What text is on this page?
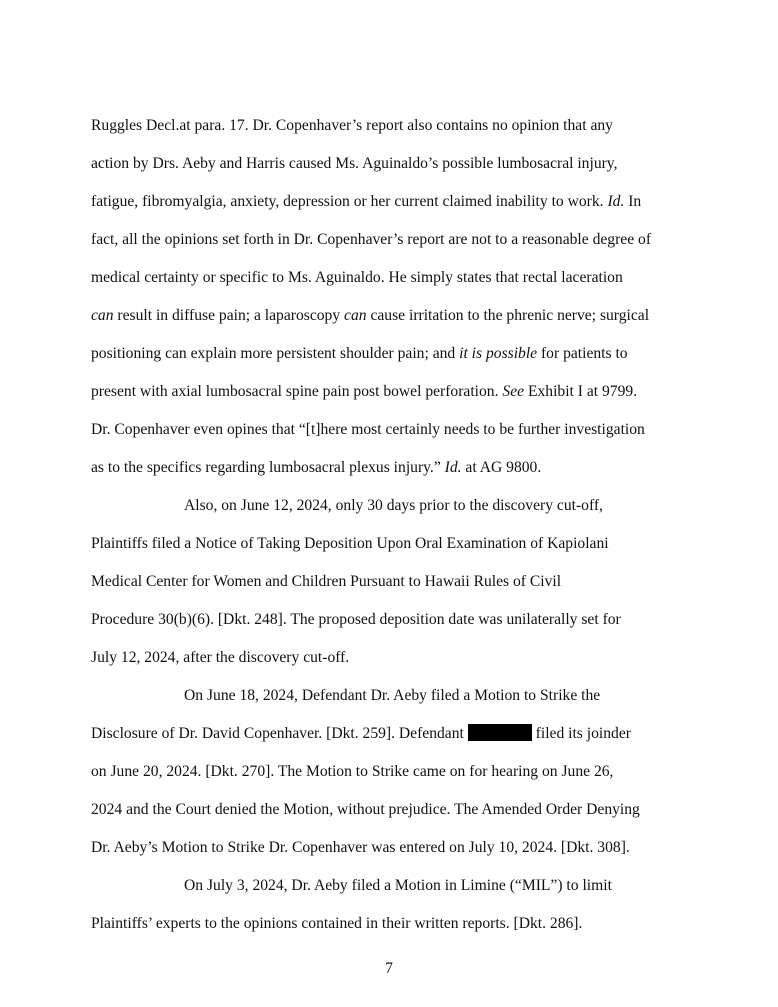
Ruggles Decl.at para. 17. Dr. Copenhaver’s report also contains no opinion that any
action by Drs. Aeby and Harris caused Ms. Aguinaldo’s possible lumbosacral injury,
fatigue, fibromyalgia, anxiety, depression or her current claimed inability to work. Id. In
fact, all the opinions set forth in Dr. Copenhaver’s report are not to a reasonable degree of
medical certainty or specific to Ms. Aguinaldo. He simply states that rectal laceration
can result in diffuse pain; a laparoscopy can cause irritation to the phrenic nerve; surgical
positioning can explain more persistent shoulder pain; and it is possible for patients to
present with axial lumbosacral spine pain post bowel perforation. See Exhibit I at 9799.
Dr. Copenhaver even opines that “[t]here most certainly needs to be further investigation
as to the specifics regarding lumbosacral plexus injury.” Id. at AG 9800.
Also, on June 12, 2024, only 30 days prior to the discovery cut-off,
Plaintiffs filed a Notice of Taking Deposition Upon Oral Examination of Kapiolani
Medical Center for Women and Children Pursuant to Hawaii Rules of Civil
Procedure 30(b)(6). [Dkt. 248]. The proposed deposition date was unilaterally set for
July 12, 2024, after the discovery cut-off.
On June 18, 2024, Defendant Dr. Aeby filed a Motion to Strike the
Disclosure of Dr. David Copenhaver. [Dkt. 259]. Defendant	filed its joinder
on June 20, 2024. [Dkt. 270]. The Motion to Strike came on for hearing on June 26,
2024 and the Court denied the Motion, without prejudice. The Amended Order Denying
Dr. Aeby’s Motion to Strike Dr. Copenhaver was entered on July 10, 2024. [Dkt. 308].
On July 3, 2024, Dr. Aeby filed a Motion in Limine (“MIL”) to limit
Plaintiffs’ experts to the opinions contained in their written reports. [Dkt. 286].
7
